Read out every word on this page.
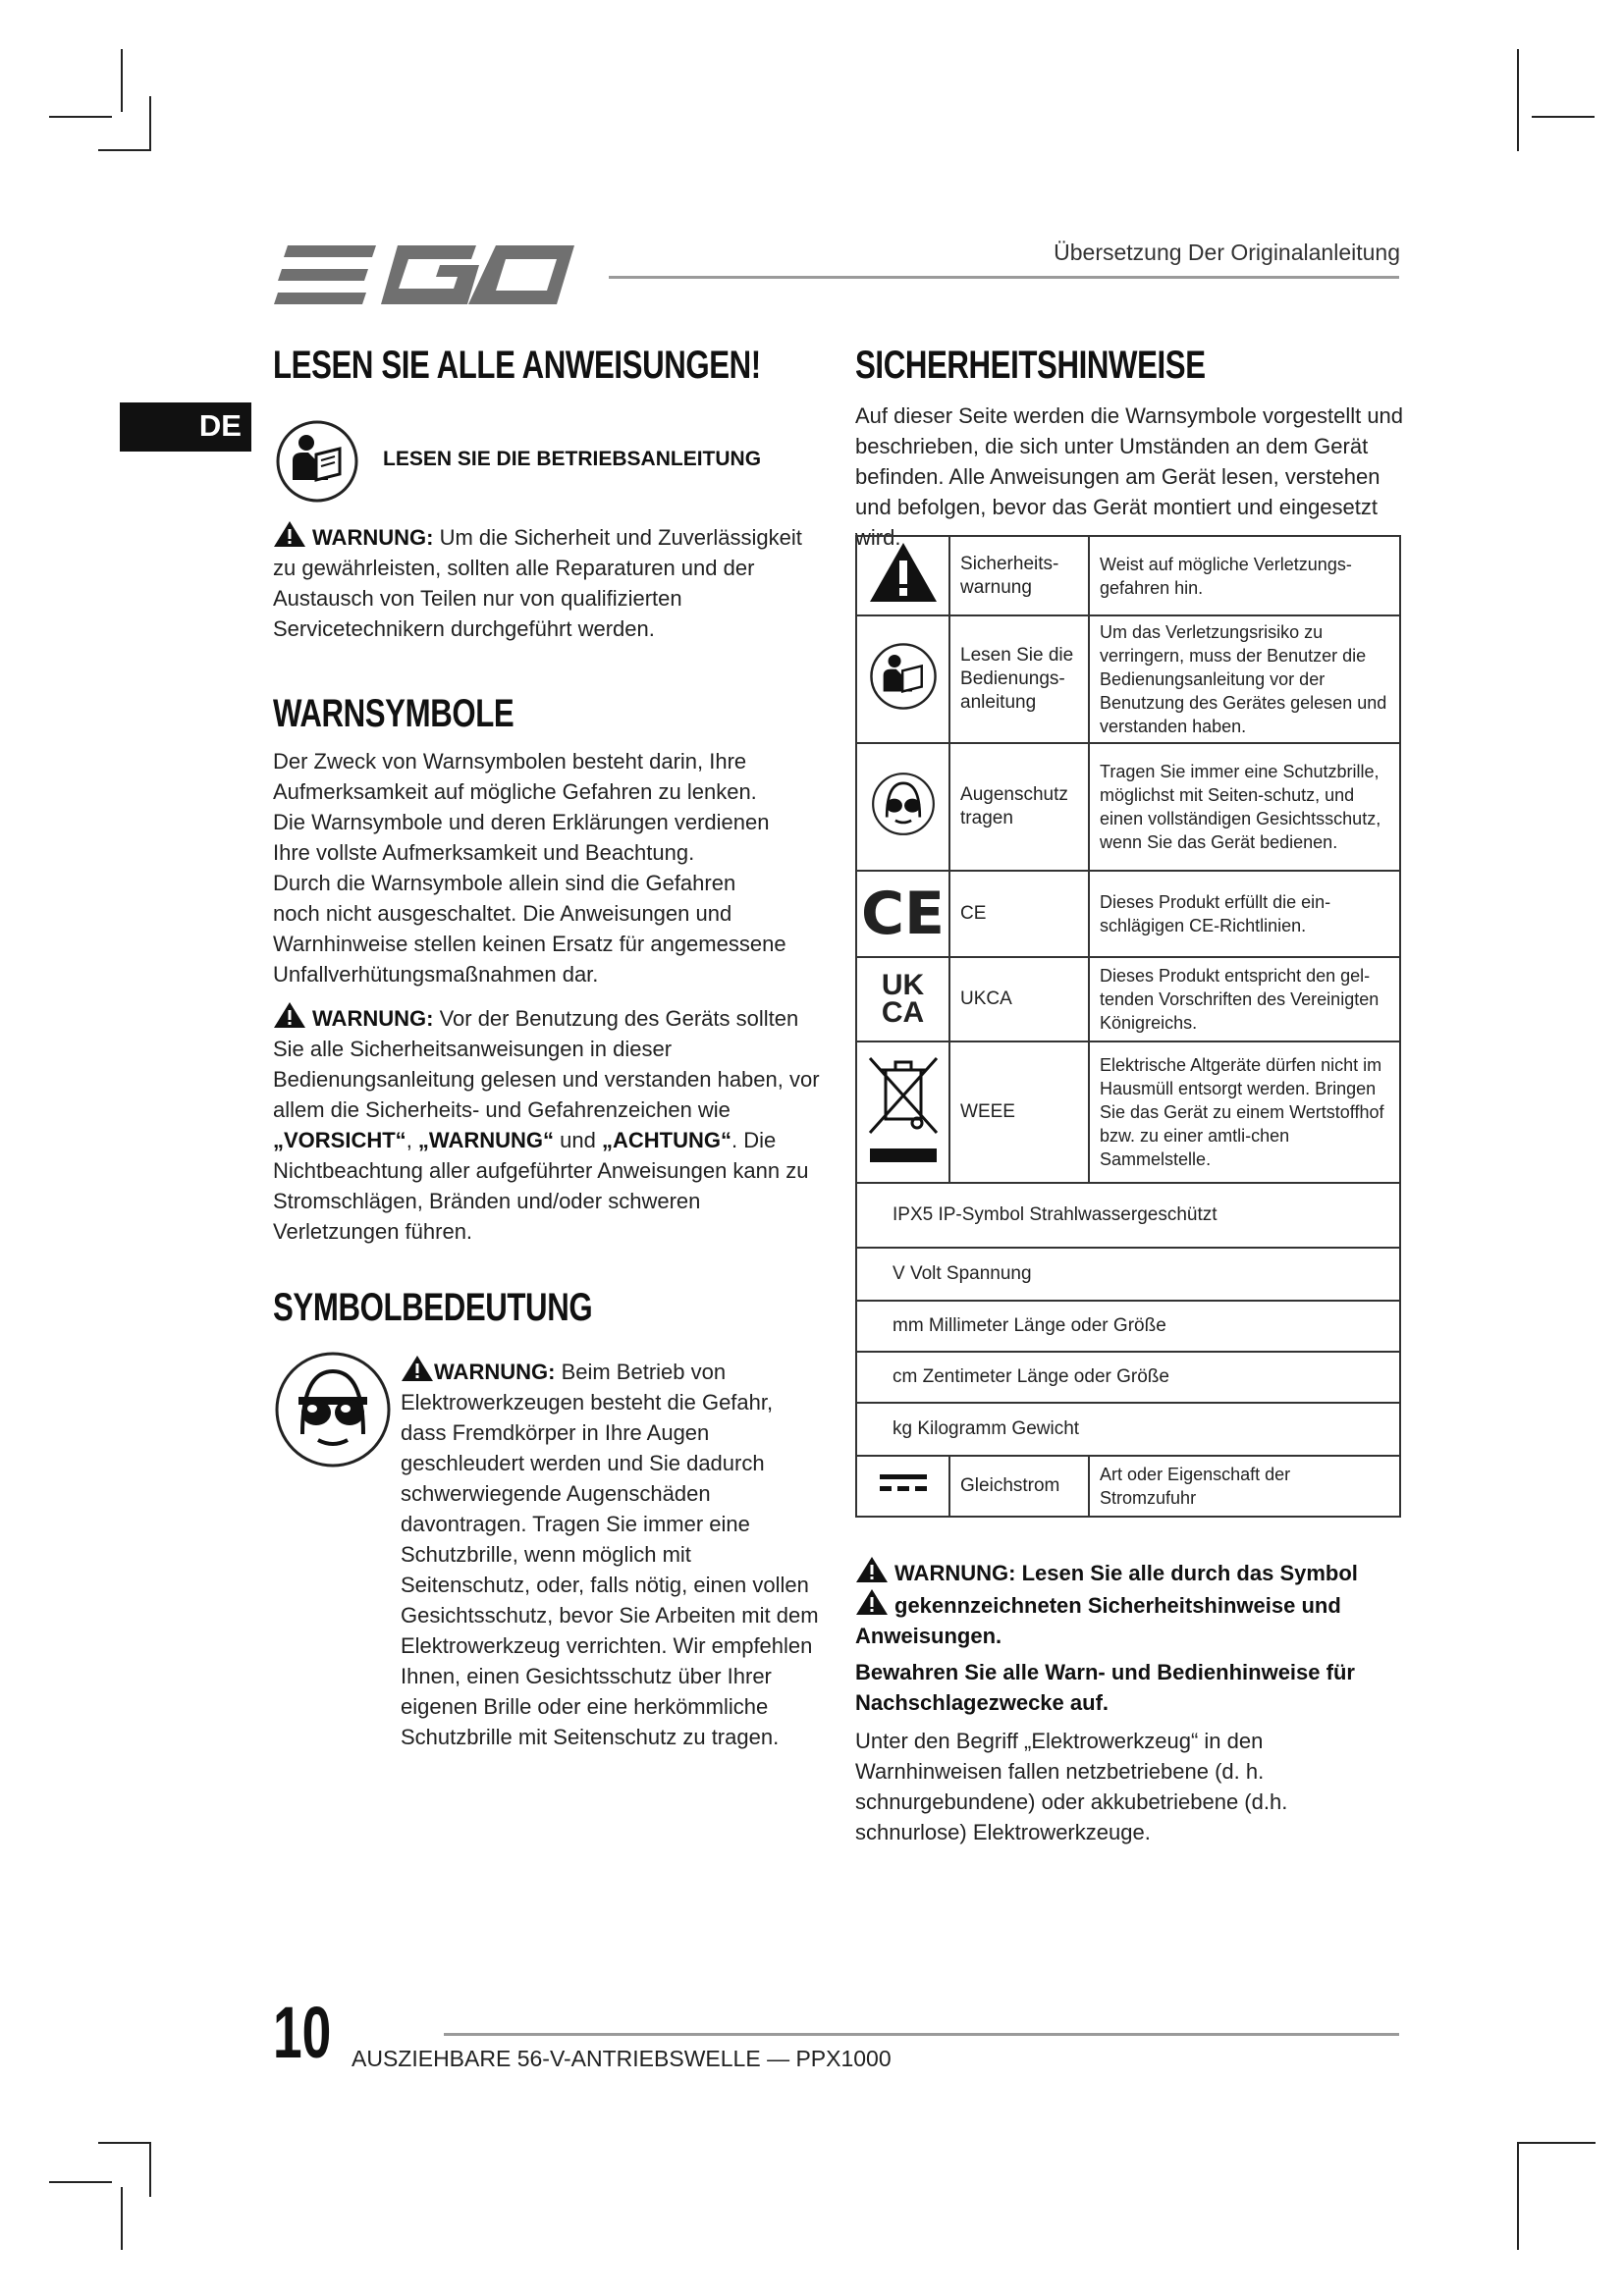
EGO
Übersetzung Der Originalanleitung
DE
LESEN SIE ALLE ANWEISUNGEN!
LESEN SIE DIE BETRIEBSANLEITUNG
WARNUNG: Um die Sicherheit und Zuverlässigkeit zu gewährleisten, sollten alle Reparaturen und der Austausch von Teilen nur von qualifizierten Servicetechnikern durchgeführt werden.
WARNSYMBOLE
Der Zweck von Warnsymbolen besteht darin, Ihre
Aufmerksamkeit auf mögliche Gefahren zu lenken.
Die Warnsymbole und deren Erklärungen verdienen
Ihre vollste Aufmerksamkeit und Beachtung.
Durch die Warnsymbole allein sind die Gefahren
noch nicht ausgeschaltet. Die Anweisungen und
Warnhinweise stellen keinen Ersatz für angemessene
Unfallverhütungsmaßnahmen dar.
WARNUNG: Vor der Benutzung des Geräts sollten Sie alle Sicherheitsanweisungen in dieser Bedienungsanleitung gelesen und verstanden haben, vor allem die Sicherheits- und Gefahrenzeichen wie „VORSICHT“, „WARNUNG“ und „ACHTUNG“. Die Nichtbeachtung aller aufgeführter Anweisungen kann zu Stromschlägen, Bränden und/oder schweren Verletzungen führen.
SYMBOLBEDEUTUNG
WARNUNG: Beim Betrieb von Elektrowerkzeugen besteht die Gefahr, dass Fremdkörper in Ihre Augen geschleudert werden und Sie dadurch schwerwiegende Augenschäden davontragen. Tragen Sie immer eine Schutzbrille, wenn möglich mit Seitenschutz, oder, falls nötig, einen vollen Gesichtsschutz, bevor Sie Arbeiten mit dem Elektrowerkzeug verrichten. Wir empfehlen Ihnen, einen Gesichtsschutz über Ihrer eigenen Brille oder eine herkömmliche Schutzbrille mit Seitenschutz zu tragen.
SICHERHEITSHINWEISE
Auf dieser Seite werden die Warnsymbole vorgestellt und beschrieben, die sich unter Umständen an dem Gerät befinden. Alle Anweisungen am Gerät lesen, verstehen und befolgen, bevor das Gerät montiert und eingesetzt wird.
	Sicherheits-warnung	Weist auf mögliche Verletzungs-gefahren hin.
	Lesen Sie die Bedienungs-anleitung	Um das Verletzungsrisiko zu verringern, muss der Benutzer die Bedienungsanleitung vor der Benutzung des Gerätes gelesen und verstanden haben.
	Augenschutz tragen	Tragen Sie immer eine Schutzbrille, möglichst mit Seiten-schutz, und einen vollständigen Gesichtsschutz, wenn Sie das Gerät bedienen.
CE	CE	Dieses Produkt erfüllt die ein-schlägigen CE-Richtlinien.

UK
CA	UKCA	Dieses Produkt entspricht den gel-tenden Vorschriften des Vereinigten Königreichs.
	WEEE	Elektrische Altgeräte dürfen nicht im Hausmüll entsorgt werden. Bringen Sie das Gerät zu einem Wertstoffhof bzw. zu einer amtli-chen Sammelstelle.
IPX5 IP-Symbol Strahlwassergeschützt		
V Volt Spannung		
mm Millimeter Länge oder Größe		
cm Zentimeter Länge oder Größe		
kg Kilogramm Gewicht		
	Gleichstrom	Art oder Eigenschaft der Stromzufuhr
WARNUNG: Lesen Sie alle durch das Symbol
gekennzeichneten Sicherheitshinweise und Anweisungen.
Bewahren Sie alle Warn- und Bedienhinweise für Nachschlagezwecke auf.
Unter den Begriff „Elektrowerkzeug“ in den Warnhinweisen fallen netzbetriebene (d. h. schnurgebundene) oder akkubetriebene (d.h. schnurlose) Elektrowerkzeuge.
10 AUSZIEHBARE 56-V-ANTRIEBSWELLE — PPX1000
